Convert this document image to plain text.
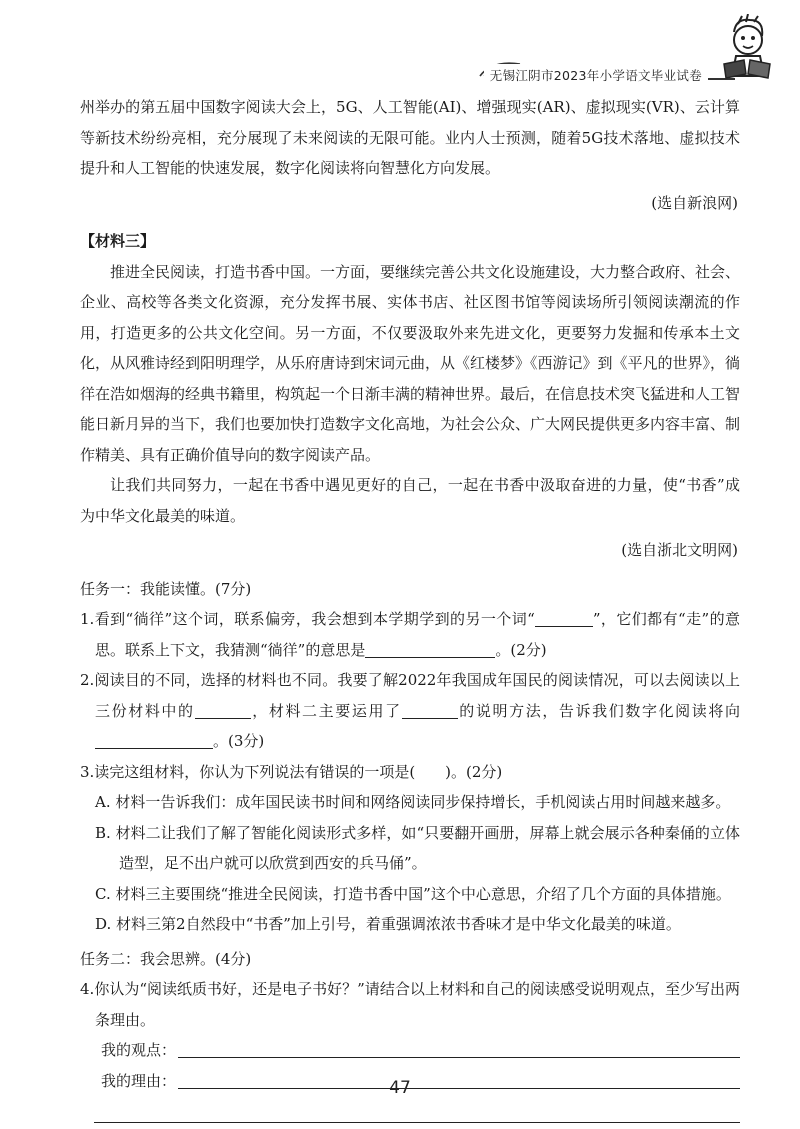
无锡江阴市2023年小学语文毕业试卷

州举办的第五届中国数字阅读大会上，5G、人工智能(AI)、增强现实(AR)、虚拟现实(VR)、云计算等新技术纷纷亮相，充分展现了未来阅读的无限可能。业内人士预测，随着5G技术落地、虚拟技术提升和人工智能的快速发展，数字化阅读将向智慧化方向发展。

(选自新浪网)

【材料三】

推进全民阅读，打造书香中国。一方面，要继续完善公共文化设施建设，大力整合政府、社会、企业、高校等各类文化资源，充分发挥书展、实体书店、社区图书馆等阅读场所引领阅读潮流的作用，打造更多的公共文化空间。另一方面，不仅要汲取外来先进文化，更要努力发掘和传承本土文化，从风雅诗经到阳明理学，从乐府唐诗到宋词元曲，从《红楼梦》《西游记》到《平凡的世界》，徜徉在浩如烟海的经典书籍里，构筑起一个日渐丰满的精神世界。最后，在信息技术突飞猛进和人工智能日新月异的当下，我们也要加快打造数字文化高地，为社会公众、广大网民提供更多内容丰富、制作精美、具有正确价值导向的数字阅读产品。

让我们共同努力，一起在书香中遇见更好的自己，一起在书香中汲取奋进的力量，使“书香”成为中华文化最美的味道。

(选自浙北文明网)

任务一：我能读懂。(7分)

1.看到“徜徉”这个词，联系偏旁，我会想到本学期学到的另一个词“	”，它们都有“走”的意思。联系上下文，我猜测“徜徉”的意思是	。(2分)

2.阅读目的不同，选择的材料也不同。我要了解2022年我国成年国民的阅读情况，可以去阅读以上三份材料中的	，材料二主要运用了	的说明方法，告诉我们数字化阅读将向。(3分)

3.读完这组材料，你认为下列说法有错误的一项是(　　)。(2分)

A. 材料一告诉我们：成年国民读书时间和网络阅读同步保持增长，手机阅读占用时间越来越多。

B. 材料二让我们了解了智能化阅读形式多样，如“只要翻开画册，屏幕上就会展示各种秦俑的立体造型，足不出户就可以欣赏到西安的兵马俑”。

C. 材料三主要围绕“推进全民阅读，打造书香中国”这个中心意思，介绍了几个方面的具体措施。

D. 材料三第2自然段中“书香”加上引号，着重强调浓浓书香味才是中华文化最美的味道。

任务二：我会思辨。(4分)

4.你认为“阅读纸质书好，还是电子书好？”请结合以上材料和自己的阅读感受说明观点，至少写出两条理由。

我的观点：
我的理由：	47
